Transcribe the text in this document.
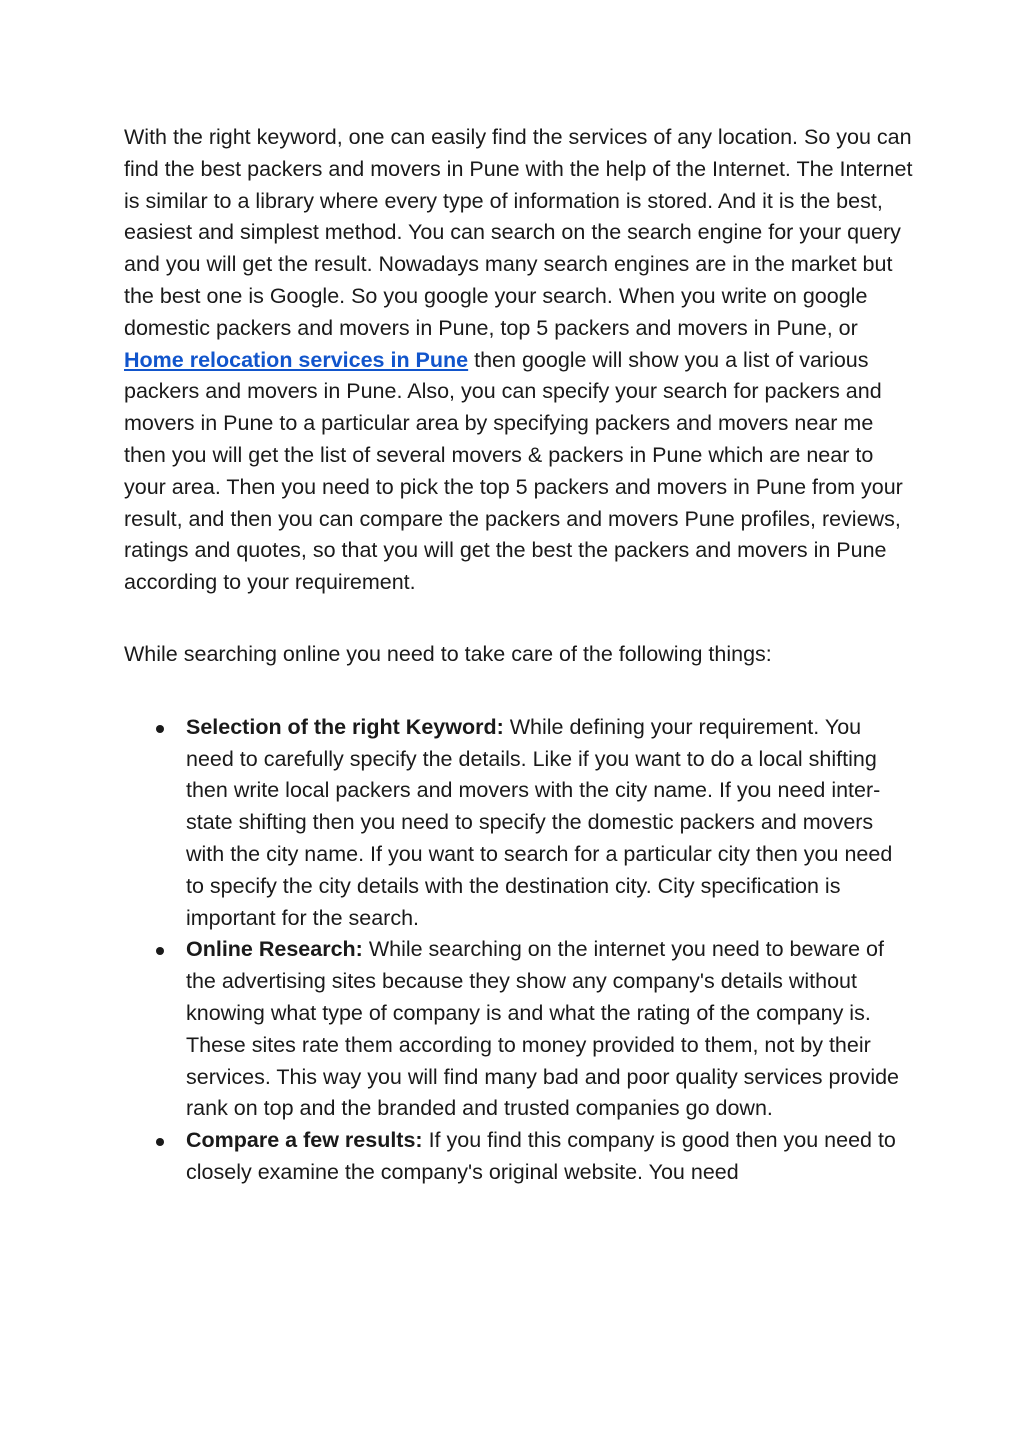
With the right keyword, one can easily find the services of any location. So you can find the best packers and movers in Pune with the help of the Internet. The Internet is similar to a library where every type of information is stored. And it is the best, easiest and simplest method. You can search on the search engine for your query and you will get the result. Nowadays many search engines are in the market but the best one is Google. So you google your search. When you write on google domestic packers and movers in Pune, top 5 packers and movers in Pune, or Home relocation services in Pune then google will show you a list of various packers and movers in Pune. Also, you can specify your search for packers and movers in Pune to a particular area by specifying packers and movers near me then you will get the list of several movers & packers in Pune which are near to your area. Then you need to pick the top 5 packers and movers in Pune from your result, and then you can compare the packers and movers Pune profiles, reviews, ratings and quotes, so that you will get the best the packers and movers in Pune according to your requirement.

While searching online you need to take care of the following things:

Selection of the right Keyword: While defining your requirement. You need to carefully specify the details. Like if you want to do a local shifting then write local packers and movers with the city name. If you need inter-state shifting then you need to specify the domestic packers and movers with the city name. If you want to search for a particular city then you need to specify the city details with the destination city. City specification is important for the search.
Online Research: While searching on the internet you need to beware of the advertising sites because they show any company's details without knowing what type of company is and what the rating of the company is. These sites rate them according to money provided to them, not by their services. This way you will find many bad and poor quality services provide rank on top and the branded and trusted companies go down.
Compare a few results: If you find this company is good then you need to closely examine the company's original website. You need
